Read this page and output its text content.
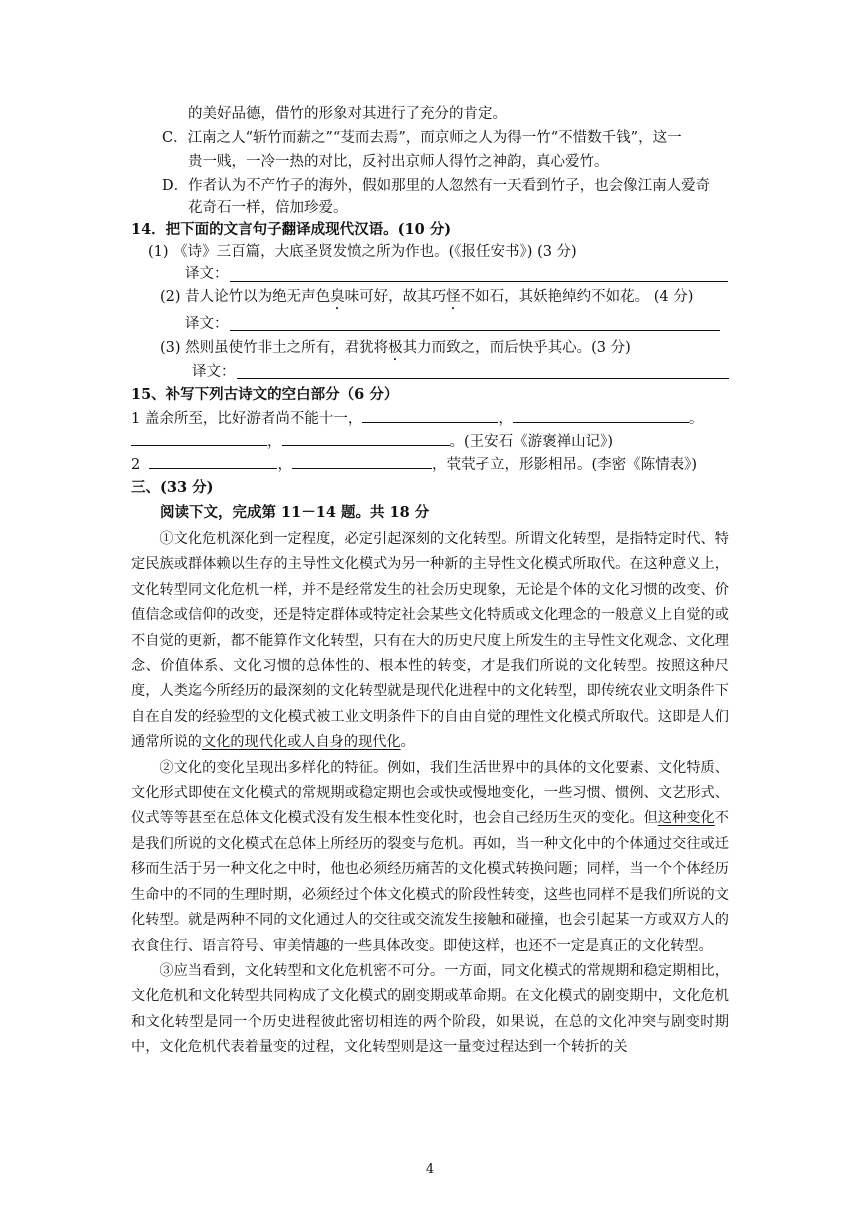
的美好品德，借竹的形象对其进行了充分的肯定。
C．江南之人“斩竹而薪之”“芟而去焉”，而京师之人为得一竹“不惜数千钱”，这一
贵一贱，一冷一热的对比，反衬出京师人得竹之神韵，真心爱竹。
D．作者认为不产竹子的海外，假如那里的人忽然有一天看到竹子，也会像江南人爱奇
花奇石一样，倍加珍爱。
14．把下面的文言句子翻译成现代汉语。(10 分)
(1) 《诗》三百篇，大底圣贤发愤之所为作也。(《报任安书》) (3 分)
译文：
(2) 昔人论竹以为绝无声色臭味可好，故其巧怪不如石，其妖艳绰约不如花。 (4 分)
译文：
(3) 然则虽使竹非土之所有，君犹将极其力而致之，而后快乎其心。(3 分)
译文：
15、补写下列古诗文的空白部分（6 分）
1 盖余所至，比好游者尚不能十一，	，	。
，	。(王安石《游褒禅山记》)
2	，	，茕茕孑立，形影相吊。(李密《陈情表》)
三、(33 分)
阅读下文，完成第 11－14 题。共 18 分

①文化危机深化到一定程度，必定引起深刻的文化转型。所谓文化转型，是指特定时代、特定民族或群体赖以生存的主导性文化模式为另一种新的主导性文化模式所取代。在这种意义上，文化转型同文化危机一样，并不是经常发生的社会历史现象，无论是个体的文化习惯的改变、价值信念或信仰的改变，还是特定群体或特定社会某些文化特质或文化理念的一般意义上自觉的或不自觉的更新，都不能算作文化转型，只有在大的历史尺度上所发生的主导性文化观念、文化理念、价值体系、文化习惯的总体性的、根本性的转变，才是我们所说的文化转型。按照这种尺度，人类迄今所经历的最深刻的文化转型就是现代化进程中的文化转型，即传统农业文明条件下自在自发的经验型的文化模式被工业文明条件下的自由自觉的理性文化模式所取代。这即是人们通常所说的文化的现代化或人自身的现代化。

②文化的变化呈现出多样化的特征。例如，我们生活世界中的具体的文化要素、文化特质、文化形式即使在文化模式的常规期或稳定期也会或快或慢地变化，一些习惯、惯例、文艺形式、仪式等等甚至在总体文化模式没有发生根本性变化时，也会自己经历生灭的变化。但这种变化不是我们所说的文化模式在总体上所经历的裂变与危机。再如，当一种文化中的个体通过交往或迁移而生活于另一种文化之中时，他也必须经历痛苦的文化模式转换问题；同样，当一个个体经历生命中的不同的生理时期，必须经过个体文化模式的阶段性转变，这些也同样不是我们所说的文化转型。就是两种不同的文化通过人的交往或交流发生接触和碰撞，也会引起某一方或双方人的衣食住行、语言符号、审美情趣的一些具体改变。即使这样，也还不一定是真正的文化转型。

③应当看到，文化转型和文化危机密不可分。一方面，同文化模式的常规期和稳定期相比，文化危机和文化转型共同构成了文化模式的剧变期或革命期。在文化模式的剧变期中，文化危机和文化转型是同一个历史进程彼此密切相连的两个阶段，如果说，在总的文化冲突与剧变时期中，文化危机代表着量变的过程，文化转型则是这一量变过程达到一个转折的关

4
